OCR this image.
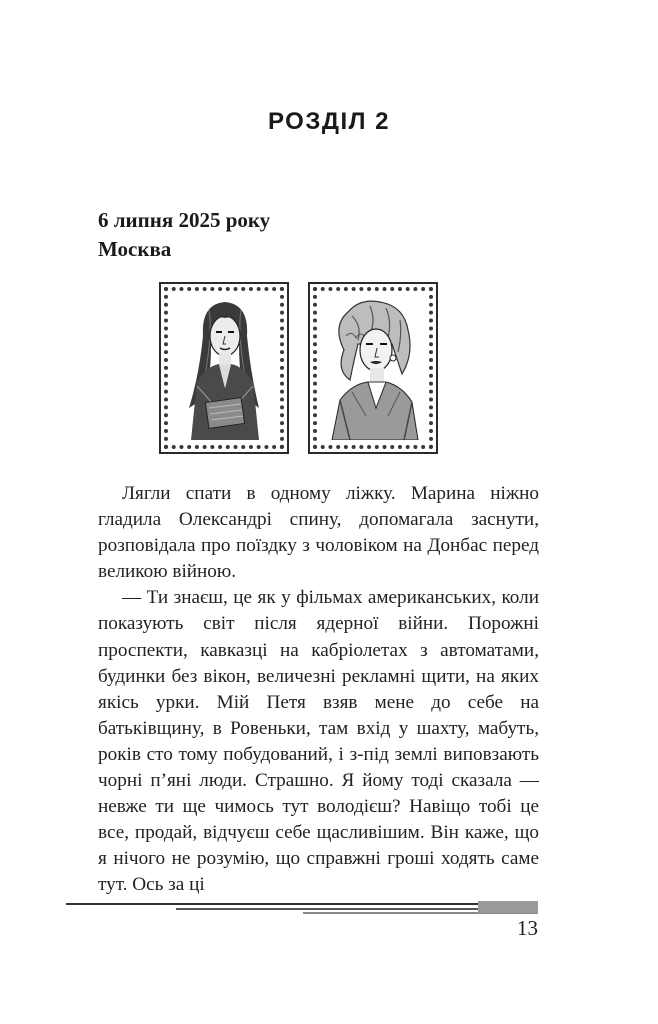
РОЗДІЛ 2
6 липня 2025 року
Москва

Лягли спати в одному ліжку. Марина ніжно гладила Олександрі спину, допомагала заснути, розповідала про поїздку з чоловіком на Донбас перед великою війною.

— Ти знаєш, це як у фільмах американських, коли показують світ після ядерної війни. Порожні проспекти, кавказці на кабріолетах з автоматами, будинки без вікон, величезні рекламні щити, на яких якісь урки. Мій Петя взяв мене до себе на батьківщину, в Ровеньки, там вхід у шахту, мабуть, років сто тому побудований, і з-під землі виповзають чорні п’яні люди. Страшно. Я йому тоді сказала — невже ти ще чимось тут володієш? Навіщо тобі це все, продай, відчуєш себе щасливішим. Він каже, що я нічого не розумію, що справжні гроші ходять саме тут. Ось за ці

13
